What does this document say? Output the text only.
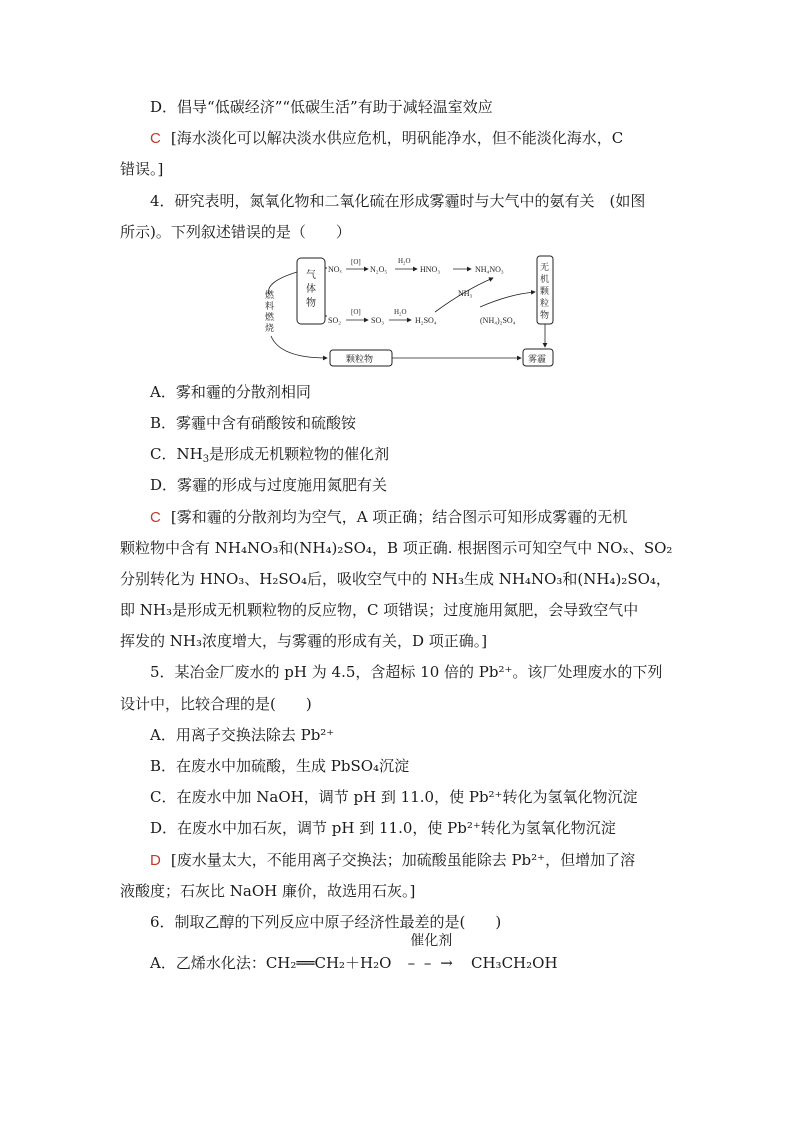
D．倡导“低碳经济”“低碳生活”有助于减轻温室效应
C [海水淡化可以解决淡水供应危机，明矾能净水，但不能淡化海水，C
错误。]
4．研究表明，氮氧化物和二氧化硫在形成雾霾时与大气中的氨有关　(如图
所示)。下列叙述错误的是（　　）
气
体
物
无
机
颗
粒
物
NOₓ
[O]
N₂O₅
H₂O
HNO₃	NH₄NO₃
NH₃
SO₂
[O]
SO₃
H₂O
H₂SO₄	(NH₄)₂SO₄
燃
料
燃
烧
颗粒物	雾霾
A．雾和霾的分散剂相同
B．雾霾中含有硝酸铵和硫酸铵
C．$NH_3$是形成无机颗粒物的催化剂
D．雾霾的形成与过度施用氮肥有关
C [雾和霾的分散剂均为空气，A 项正确；结合图示可知形成雾霾的无机
颗粒物中含有 NH₄NO₃和(NH₄)₂SO₄，B 项正确. 根据图示可知空气中 NOₓ、SO₂
分别转化为 HNO₃、H₂SO₄后，吸收空气中的 NH₃生成 NH₄NO₃和(NH₄)₂SO₄，
即 NH₃是形成无机颗粒物的反应物，C 项错误；过度施用氮肥，会导致空气中
挥发的 NH₃浓度增大，与雾霾的形成有关，D 项正确。]
5．某冶金厂废水的 pH 为 4.5，含超标 10 倍的 Pb²⁺。该厂处理废水的下列
设计中，比较合理的是(　　)
A．用离子交换法除去 Pb²⁺
B．在废水中加硫酸，生成 PbSO₄沉淀
C．在废水中加 NaOH，调节 pH 到 11.0，使 Pb²⁺转化为氢氧化物沉淀
D．在废水中加石灰，调节 pH 到 11.0，使 Pb²⁺转化为氢氧化物沉淀
D [废水量太大，不能用离子交换法；加硫酸虽能除去 Pb²⁺，但增加了溶
液酸度；石灰比 NaOH 廉价，故选用石灰。]
6．制取乙醇的下列反应中原子经济性最差的是(　　)
A．乙烯水化法：CH₂══CH₂＋H₂O
催化剂
– – → CH₃CH₂OH
